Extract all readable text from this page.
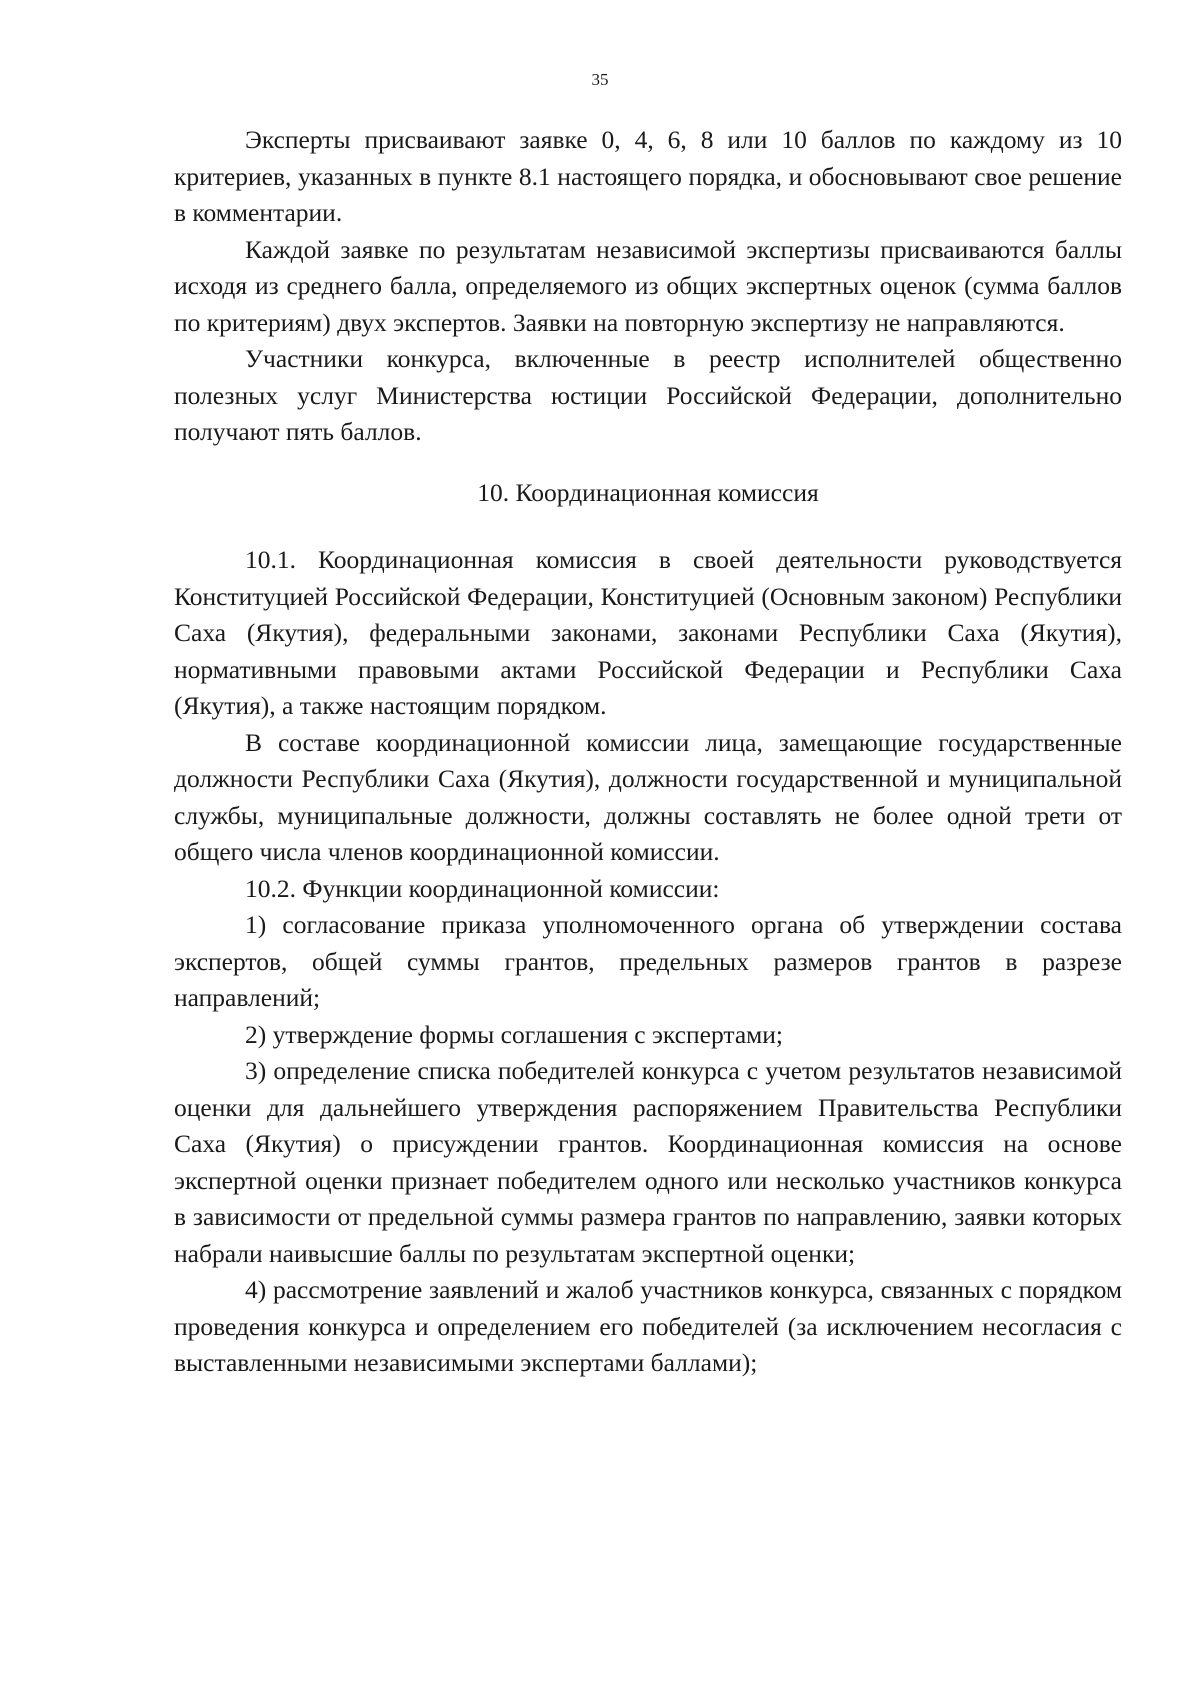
35

Эксперты присваивают заявке 0, 4, 6, 8 или 10 баллов по каждому из 10 критериев, указанных в пункте 8.1 настоящего порядка, и обосновывают свое решение в комментарии.

Каждой заявке по результатам независимой экспертизы присваиваются баллы исходя из среднего балла, определяемого из общих экспертных оценок (сумма баллов по критериям) двух экспертов. Заявки на повторную экспертизу не направляются.

Участники конкурса, включенные в реестр исполнителей общественно полезных услуг Министерства юстиции Российской Федерации, дополнительно получают пять баллов.

10. Координационная комиссия

10.1. Координационная комиссия в своей деятельности руководствуется Конституцией Российской Федерации, Конституцией (Основным законом) Республики Саха (Якутия), федеральными законами, законами Республики Саха (Якутия), нормативными правовыми актами Российской Федерации и Республики Саха (Якутия), а также настоящим порядком.

В составе координационной комиссии лица, замещающие государственные должности Республики Саха (Якутия), должности государственной и муниципальной службы, муниципальные должности, должны составлять не более одной трети от общего числа членов координационной комиссии.

10.2. Функции координационной комиссии:

1) согласование приказа уполномоченного органа об утверждении состава экспертов, общей суммы грантов, предельных размеров грантов в разрезе направлений;

2) утверждение формы соглашения с экспертами;

3) определение списка победителей конкурса с учетом результатов независимой оценки для дальнейшего утверждения распоряжением Правительства Республики Саха (Якутия) о присуждении грантов. Координационная комиссия на основе экспертной оценки признает победителем одного или несколько участников конкурса в зависимости от предельной суммы размера грантов по направлению, заявки которых набрали наивысшие баллы по результатам экспертной оценки;

4) рассмотрение заявлений и жалоб участников конкурса, связанных с порядком проведения конкурса и определением его победителей (за исключением несогласия с выставленными независимыми экспертами баллами);
